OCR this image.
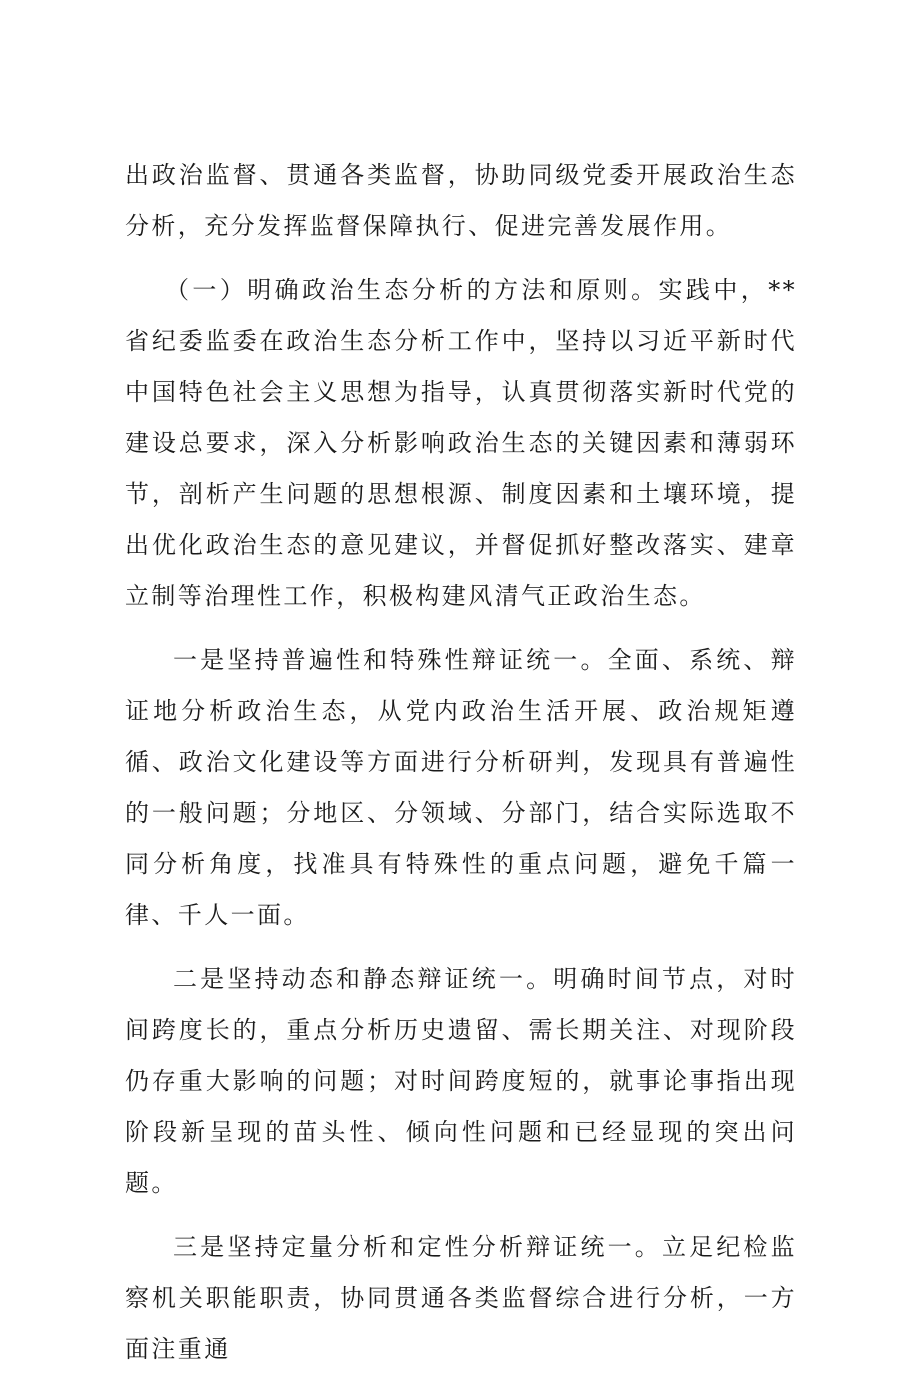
出政治监督、贯通各类监督，协助同级党委开展政治生态分析，充分发挥监督保障执行、促进完善发展作用。

（一）明确政治生态分析的方法和原则。实践中，**省纪委监委在政治生态分析工作中，坚持以习近平新时代中国特色社会主义思想为指导，认真贯彻落实新时代党的建设总要求，深入分析影响政治生态的关键因素和薄弱环节，剖析产生问题的思想根源、制度因素和土壤环境，提出优化政治生态的意见建议，并督促抓好整改落实、建章立制等治理性工作，积极构建风清气正政治生态。

一是坚持普遍性和特殊性辩证统一。全面、系统、辩证地分析政治生态，从党内政治生活开展、政治规矩遵循、政治文化建设等方面进行分析研判，发现具有普遍性的一般问题；分地区、分领域、分部门，结合实际选取不同分析角度，找准具有特殊性的重点问题，避免千篇一律、千人一面。

二是坚持动态和静态辩证统一。明确时间节点，对时间跨度长的，重点分析历史遗留、需长期关注、对现阶段仍存重大影响的问题；对时间跨度短的，就事论事指出现阶段新呈现的苗头性、倾向性问题和已经显现的突出问题。

三是坚持定量分析和定性分析辩证统一。立足纪检监察机关职能职责，协同贯通各类监督综合进行分析，一方面注重通
